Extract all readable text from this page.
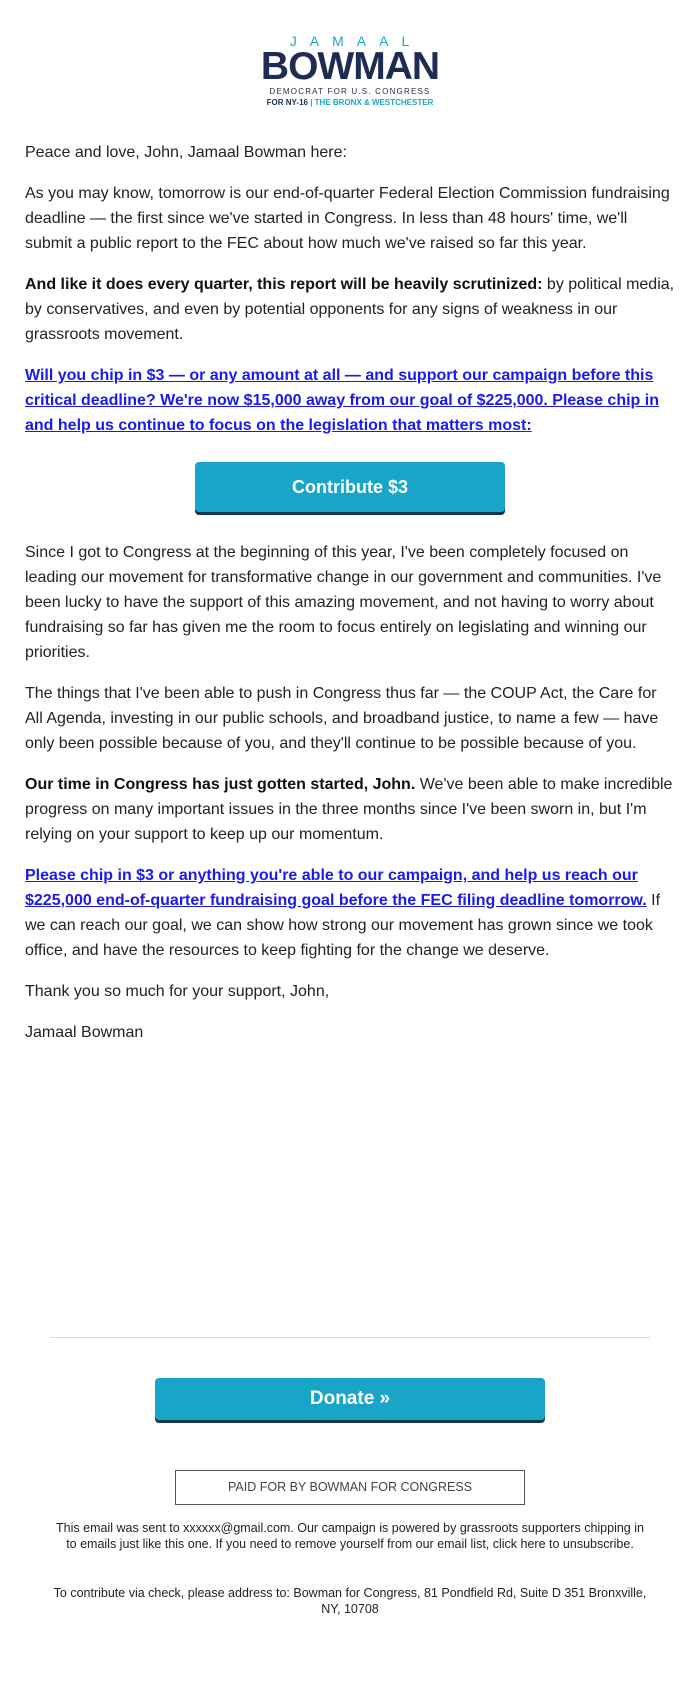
JAMAAL
BOWMAN
DEMOCRAT FOR U.S. CONGRESS
FOR NY-16 | THE BRONX & WESTCHESTER

Peace and love, John, Jamaal Bowman here:

As you may know, tomorrow is our end-of-quarter Federal Election Commission fundraising deadline — the first since we've started in Congress. In less than 48 hours' time, we'll submit a public report to the FEC about how much we've raised so far this year.

And like it does every quarter, this report will be heavily scrutinized: by political media, by conservatives, and even by potential opponents for any signs of weakness in our grassroots movement.

Will you chip in $3 — or any amount at all — and support our campaign before this critical deadline? We're now $15,000 away from our goal of $225,000. Please chip in and help us continue to focus on the legislation that matters most:

Contribute $3

Since I got to Congress at the beginning of this year, I've been completely focused on leading our movement for transformative change in our government and communities. I've been lucky to have the support of this amazing movement, and not having to worry about fundraising so far has given me the room to focus entirely on legislating and winning our priorities.

The things that I've been able to push in Congress thus far — the COUP Act, the Care for All Agenda, investing in our public schools, and broadband justice, to name a few — have only been possible because of you, and they'll continue to be possible because of you.

Our time in Congress has just gotten started, John. We've been able to make incredible progress on many important issues in the three months since I've been sworn in, but I'm relying on your support to keep up our momentum.

Please chip in $3 or anything you're able to our campaign, and help us reach our $225,000 end-of-quarter fundraising goal before the FEC filing deadline tomorrow. If we can reach our goal, we can show how strong our movement has grown since we took office, and have the resources to keep fighting for the change we deserve.

Thank you so much for your support, John,

Jamaal Bowman

Donate »
PAID FOR BY BOWMAN FOR CONGRESS
This email was sent to xxxxxx@gmail.com. Our campaign is powered by grassroots supporters chipping in to emails just like this one. If you need to remove yourself from our email list, click here to unsubscribe.
To contribute via check, please address to: Bowman for Congress, 81 Pondfield Rd, Suite D 351 Bronxville, NY, 10708
